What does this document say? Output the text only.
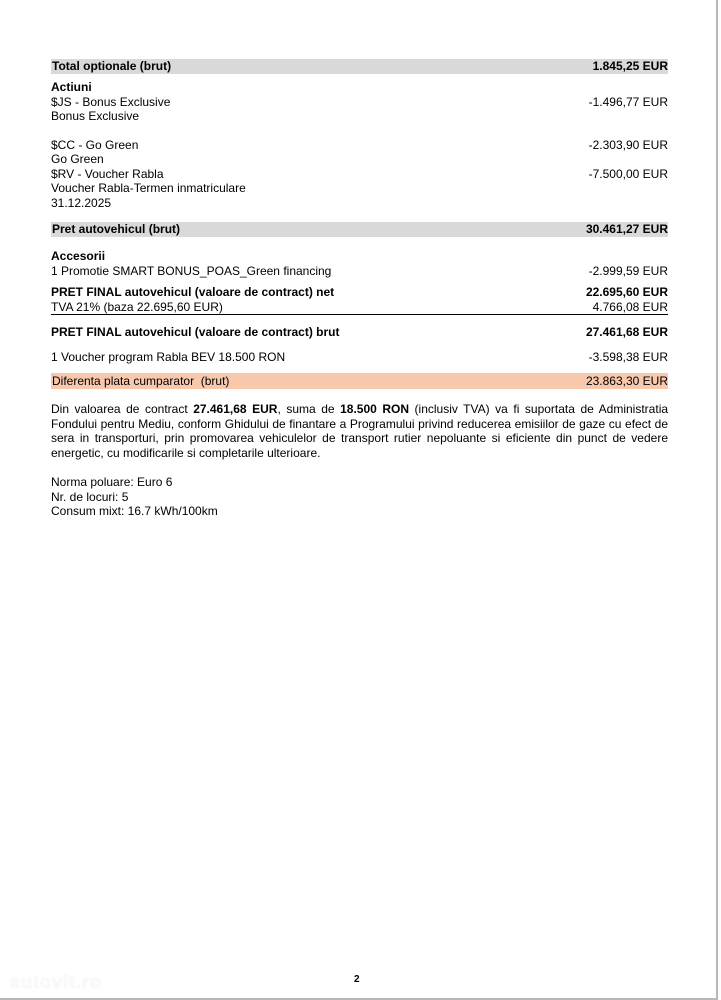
Total optionale (brut)	1.845,25 EUR
Actiuni
$JS - Bonus Exclusive	-1.496,77 EUR
Bonus Exclusive
$CC - Go Green	-2.303,90 EUR
Go Green
$RV - Voucher Rabla	-7.500,00 EUR
Voucher Rabla-Termen inmatriculare
31.12.2025
Pret autovehicul (brut)	30.461,27 EUR
Accesorii
1 Promotie SMART BONUS_POAS_Green financing	-2.999,59 EUR
PRET FINAL autovehicul (valoare de contract) net	22.695,60 EUR
TVA 21% (baza 22.695,60 EUR)	4.766,08 EUR
PRET FINAL autovehicul (valoare de contract) brut	27.461,68 EUR
1 Voucher program Rabla BEV 18.500 RON	-3.598,38 EUR
Diferenta plata cumparator  (brut)	23.863,30 EUR
Din valoarea de contract 27.461,68 EUR, suma de 18.500 RON (inclusiv TVA) va fi suportata de Administratia Fondului pentru Mediu, conform Ghidului de finantare a Programului privind reducerea emisiilor de gaze cu efect de sera in transporturi, prin promovarea vehiculelor de transport rutier nepoluante si eficiente din punct de vedere energetic, cu modificarile si completarile ulterioare.
Norma poluare: Euro 6
Nr. de locuri: 5
Consum mixt: 16.7 kWh/100km
autovit.ro	2
